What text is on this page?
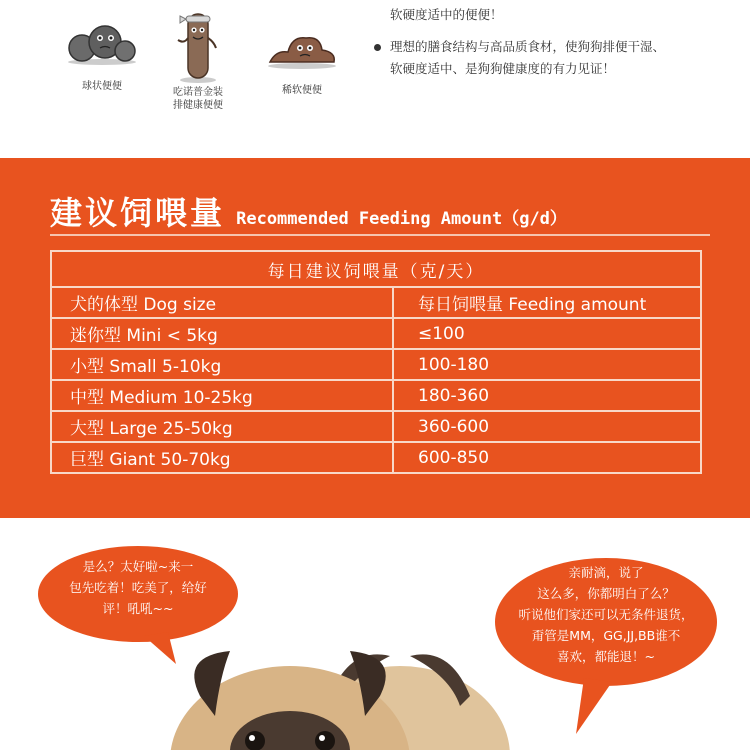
球状便便
吃诺普金装
排健康便便
稀软便便
软硬度适中的便便！
理想的膳食结构与高品质食材，使狗狗排便干湿、
软硬度适中、是狗狗健康度的有力见证！
建议饲喂量 Recommended Feeding Amount（g/d）
每日建议饲喂量（克/天）	
犬的体型 Dog size	每日饲喂量 Feeding amount
迷你型 Mini < 5kg	≤100
小型 Small 5-10kg	100-180
中型 Medium 10-25kg	180-360
大型 Large 25-50kg	360-600
巨型 Giant 50-70kg	600-850
是么？太好啦~来一
包先吃着！吃美了，给好
评！吼吼~~
亲耐滴，说了
这么多，你都明白了么？
听说他们家还可以无条件退货，
甭管是MM，GG,JJ,BB谁不
喜欢，都能退！~
